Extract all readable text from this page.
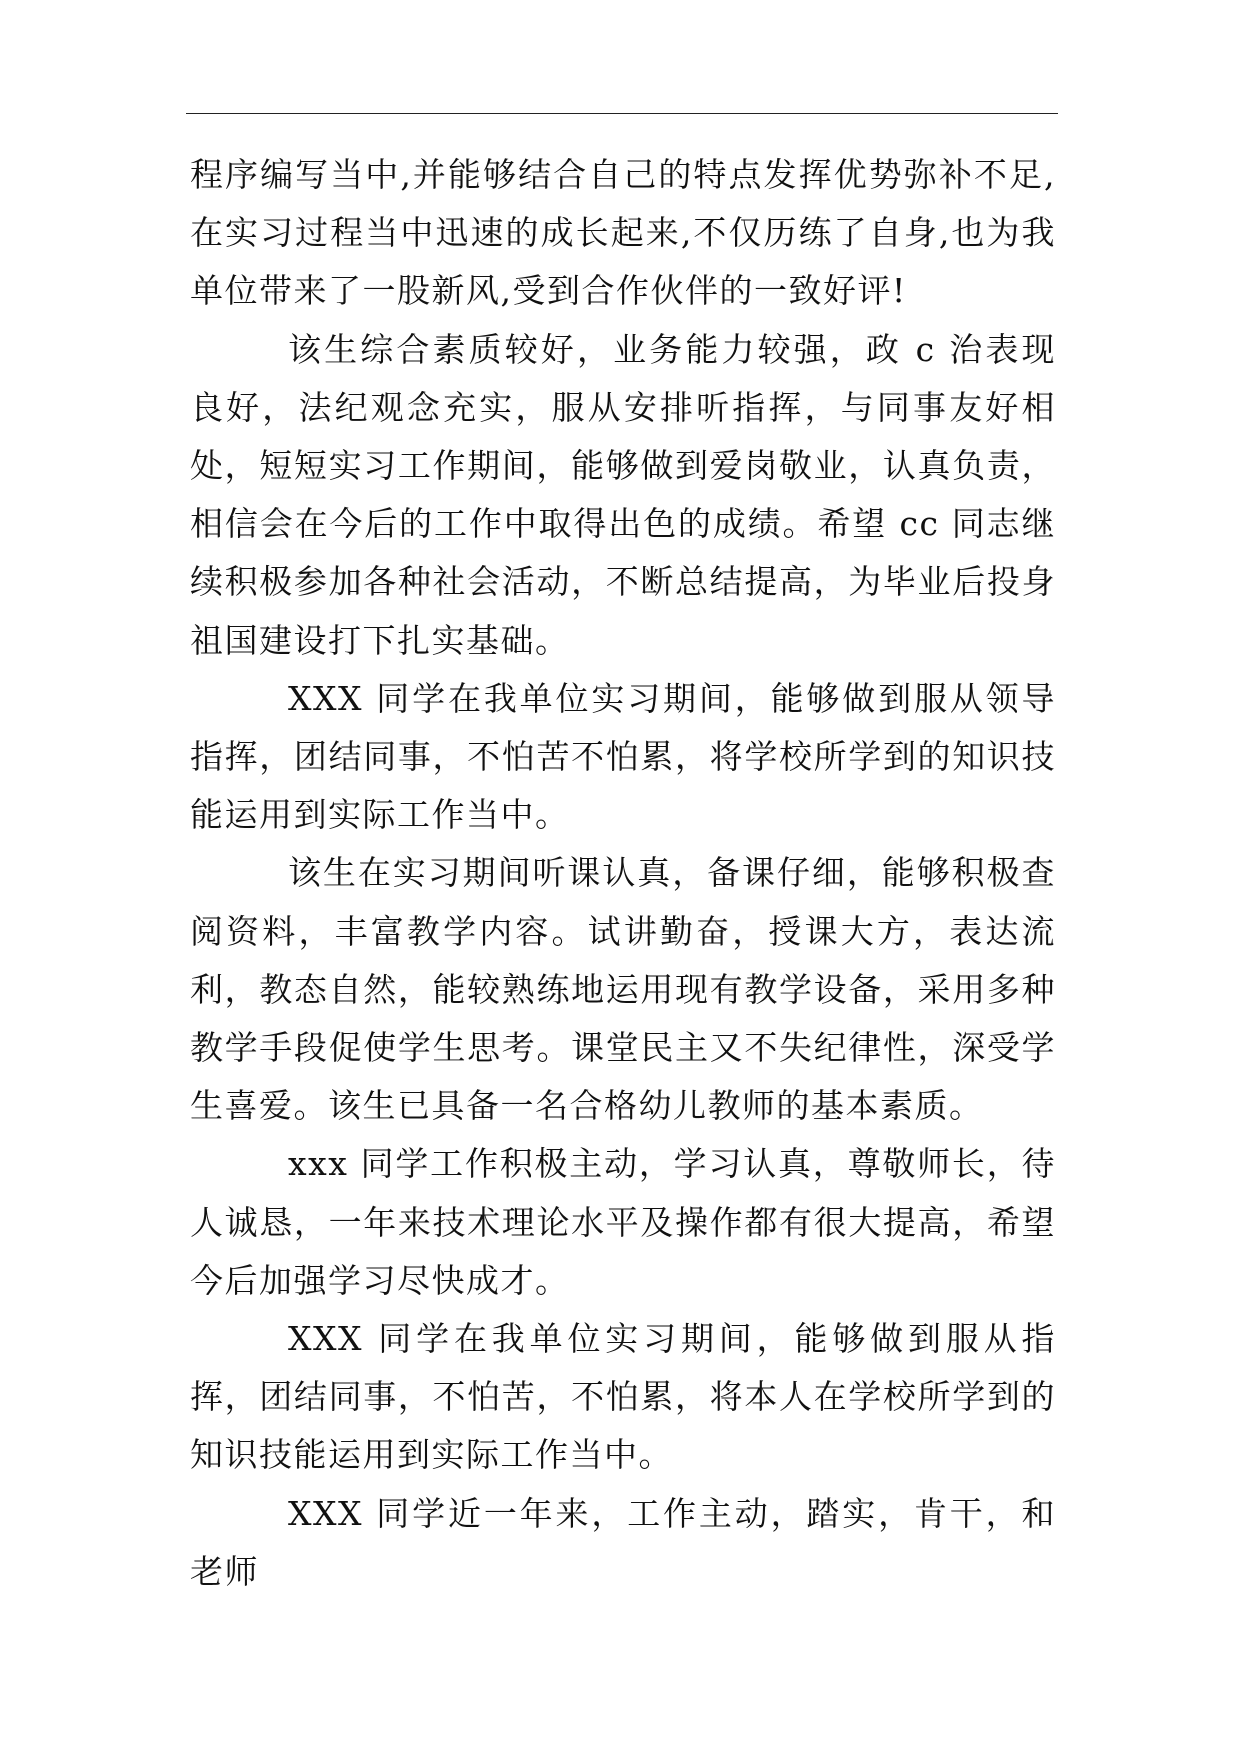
程序编写当中,并能够结合自己的特点发挥优势弥补不足,在实习过程当中迅速的成长起来,不仅历练了自身,也为我单位带来了一股新风,受到合作伙伴的一致好评!

该生综合素质较好，业务能力较强，政 c 治表现良好，法纪观念充实，服从安排听指挥，与同事友好相处，短短实习工作期间，能够做到爱岗敬业，认真负责，相信会在今后的工作中取得出色的成绩。希望 cc 同志继续积极参加各种社会活动，不断总结提高，为毕业后投身祖国建设打下扎实基础。

XXX 同学在我单位实习期间，能够做到服从领导指挥，团结同事，不怕苦不怕累，将学校所学到的知识技能运用到实际工作当中。

该生在实习期间听课认真，备课仔细，能够积极查阅资料，丰富教学内容。试讲勤奋，授课大方，表达流利，教态自然，能较熟练地运用现有教学设备，采用多种教学手段促使学生思考。课堂民主又不失纪律性，深受学生喜爱。该生已具备一名合格幼儿教师的基本素质。

xxx 同学工作积极主动，学习认真，尊敬师长，待人诚恳，一年来技术理论水平及操作都有很大提高，希望今后加强学习尽快成才。

XXX 同学在我单位实习期间，能够做到服从指挥，团结同事，不怕苦，不怕累，将本人在学校所学到的知识技能运用到实际工作当中。

XXX 同学近一年来，工作主动，踏实，肯干，和老师
